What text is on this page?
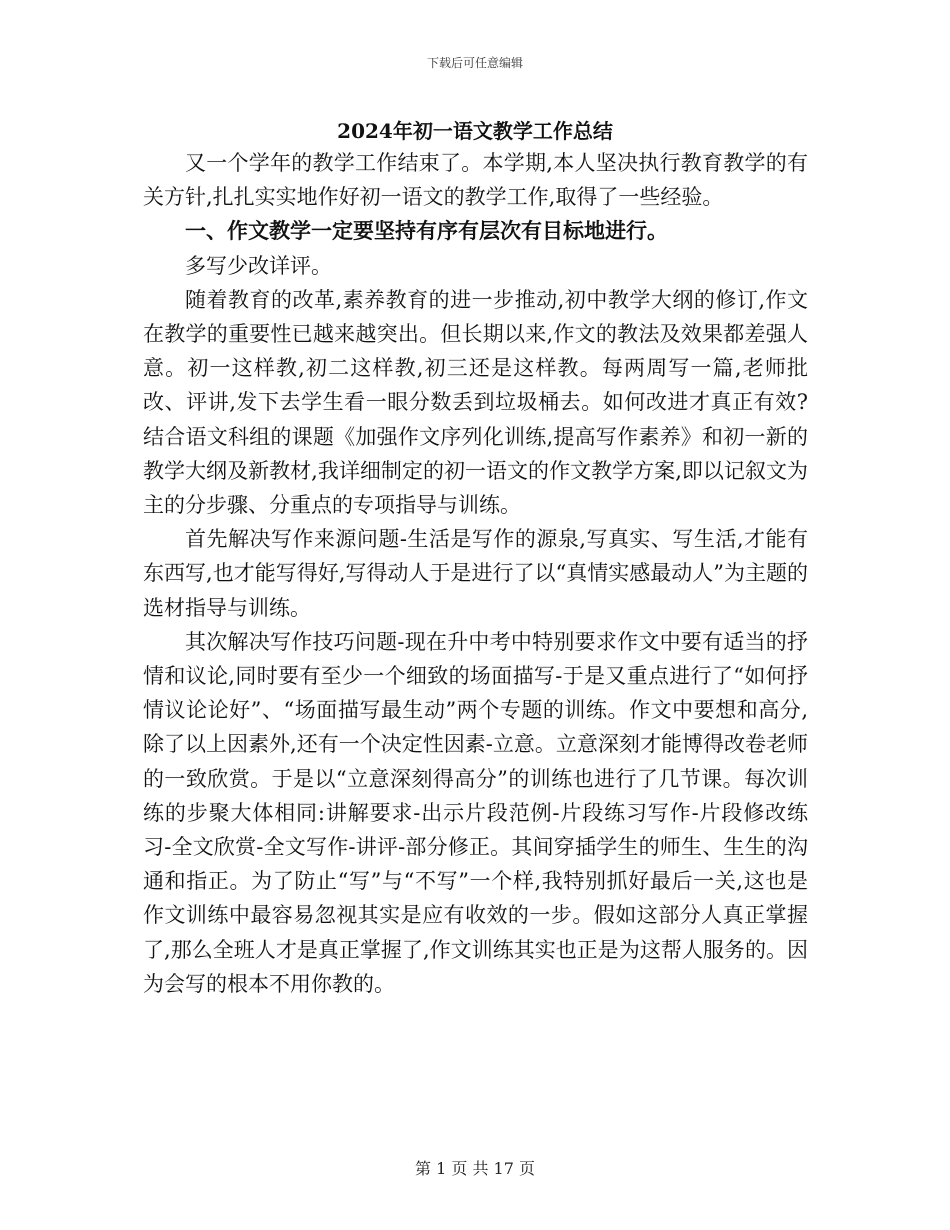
下载后可任意编辑
2024年初一语文教学工作总结

又一个学年的教学工作结束了。本学期,本人坚决执行教育教学的有关方针,扎扎实实地作好初一语文的教学工作,取得了一些经验。

一、作文教学一定要坚持有序有层次有目标地进行。

多写少改详评。

随着教育的改革,素养教育的进一步推动,初中教学大纲的修订,作文在教学的重要性已越来越突出。但长期以来,作文的教法及效果都差强人意。初一这样教,初二这样教,初三还是这样教。每两周写一篇,老师批改、评讲,发下去学生看一眼分数丢到垃圾桶去。如何改进才真正有效?结合语文科组的课题《加强作文序列化训练,提高写作素养》和初一新的教学大纲及新教材,我详细制定的初一语文的作文教学方案,即以记叙文为主的分步骤、分重点的专项指导与训练。

首先解决写作来源问题-生活是写作的源泉,写真实、写生活,才能有东西写,也才能写得好,写得动人于是进行了以“真情实感最动人”为主题的选材指导与训练。

其次解决写作技巧问题-现在升中考中特别要求作文中要有适当的抒情和议论,同时要有至少一个细致的场面描写-于是又重点进行了“如何抒情议论论好”、“场面描写最生动”两个专题的训练。作文中要想和高分,除了以上因素外,还有一个决定性因素-立意。立意深刻才能博得改卷老师的一致欣赏。于是以“立意深刻得高分”的训练也进行了几节课。每次训练的步聚大体相同:讲解要求-出示片段范例-片段练习写作-片段修改练习-全文欣赏-全文写作-讲评-部分修正。其间穿插学生的师生、生生的沟通和指正。为了防止“写”与“不写”一个样,我特别抓好最后一关,这也是作文训练中最容易忽视其实是应有收效的一步。假如这部分人真正掌握了,那么全班人才是真正掌握了,作文训练其实也正是为这帮人服务的。因为会写的根本不用你教的。

第 1 页 共 17 页
